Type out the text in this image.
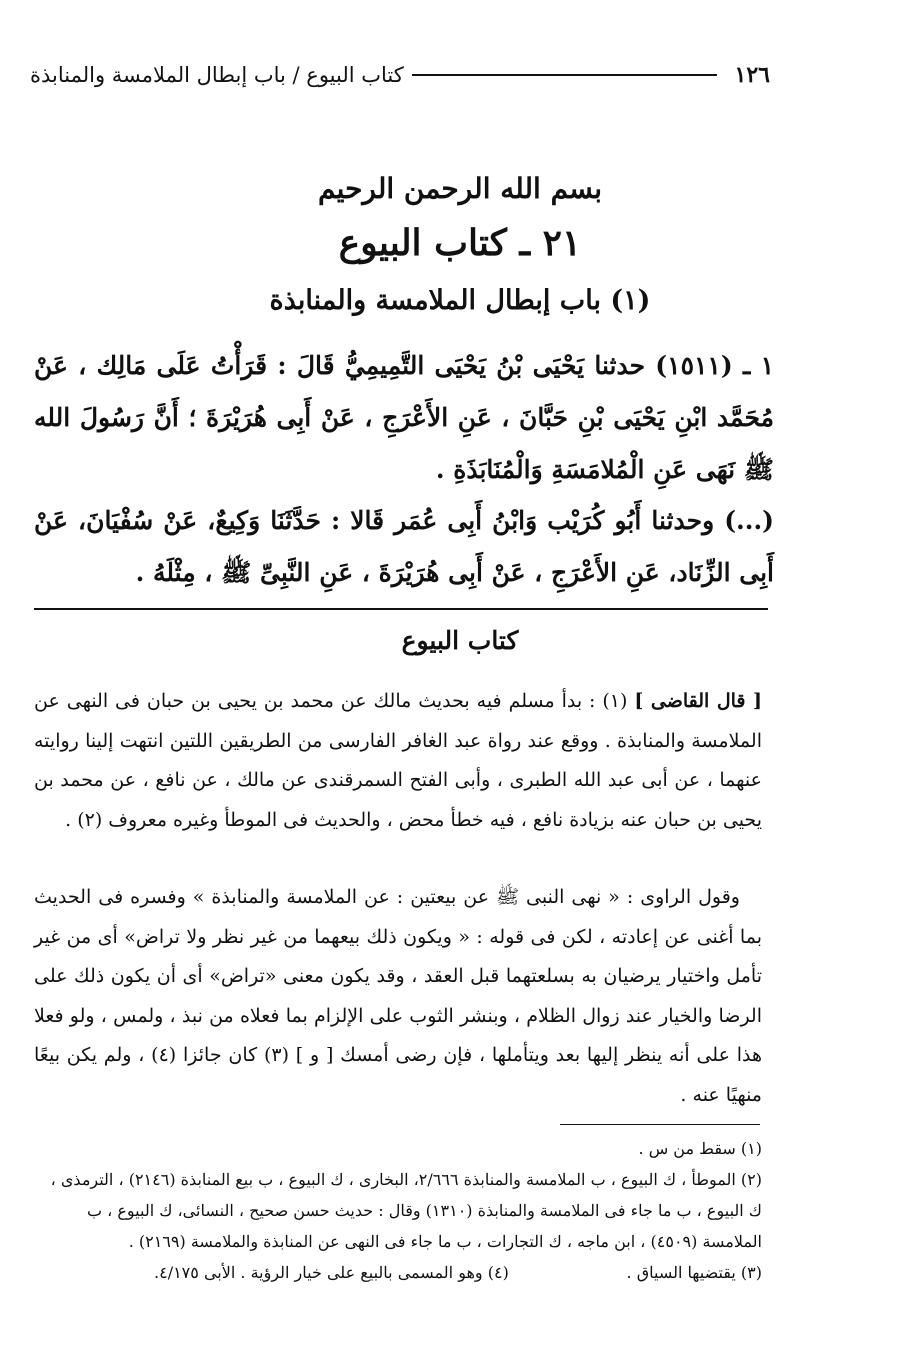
١٢٦
كتاب البيوع / باب إبطال الملامسة والمنابذة
بسم الله الرحمن الرحيم
٢١ ـ كتاب البيوع
(١) باب إبطال الملامسة والمنابذة

١ ـ (١٥١١) حدثنا يَحْيَى بْنُ يَحْيَى التَّمِيمِيُّ قَالَ : قَرَأْتُ عَلَى مَالِك ، عَنْ مُحَمَّد ابْنِ يَحْيَى بْنِ حَبَّانَ ، عَنِ الأَعْرَجِ ، عَنْ أَبِى هُرَيْرَةَ ؛ أَنَّ رَسُولَ الله ﷺ نَهَى عَنِ الْمُلامَسَةِ وَالْمُنَابَذَةِ .

(...) وحدثنا أَبُو كُرَيْب وَابْنُ أَبِى عُمَر قَالا : حَدَّثَنَا وَكِيعٌ، عَنْ سُفْيَانَ، عَنْ أَبِى الزِّنَاد، عَنِ الأَعْرَجِ ، عَنْ أَبِى هُرَيْرَةَ ، عَنِ النَّبِىِّ ﷺ ، مِثْلَهُ .

كتاب البيوع

[ قال القاضى ] (١) : بدأ مسلم فيه بحديث مالك عن محمد بن يحيى بن حبان فى النهى عن الملامسة والمنابذة . ووقع عند رواة عبد الغافر الفارسى من الطريقين اللتين انتهت إلينا روايته عنهما ، عن أبى عبد الله الطبرى ، وأبى الفتح السمرقندى عن مالك ، عن نافع ، عن محمد بن يحيى بن حبان عنه بزيادة نافع ، فيه خطأ محض ، والحديث فى الموطأ وغيره معروف (٢) .

وقول الراوى : « نهى النبى ﷺ عن بيعتين : عن الملامسة والمنابذة » وفسره فى الحديث بما أغنى عن إعادته ، لكن فى قوله : « ويكون ذلك بيعهما من غير نظر ولا تراض» أى من غير تأمل واختيار يرضيان به بسلعتهما قبل العقد ، وقد يكون معنى «تراض» أى أن يكون ذلك على الرضا والخيار عند زوال الظلام ، وبنشر الثوب على الإلزام بما فعلاه من نبذ ، ولمس ، ولو فعلا هذا على أنه ينظر إليها بعد ويتأملها ، فإن رضى أمسك [ و ] (٣) كان جائزا (٤) ، ولم يكن بيعًا منهيًا عنه .

(١) سقط من س .

(٢) الموطأ ، ك البيوع ، ب الملامسة والمنابذة ٢/٦٦٦، البخارى ، ك البيوع ، ب بيع المنابذة (٢١٤٦) ، الترمذى ، ك البيوع ، ب ما جاء فى الملامسة والمنابذة (١٣١٠) وقال : حديث حسن صحيح ، النسائى، ك البيوع ، ب الملامسة (٤٥٠٩) ، ابن ماجه ، ك التجارات ، ب ما جاء فى النهى عن المنابذة والملامسة (٢١٦٩) .

(٣) يقتضيها السياق .
(٤) وهو المسمى بالبيع على خيار الرؤية . الأبى ٤/١٧٥.
